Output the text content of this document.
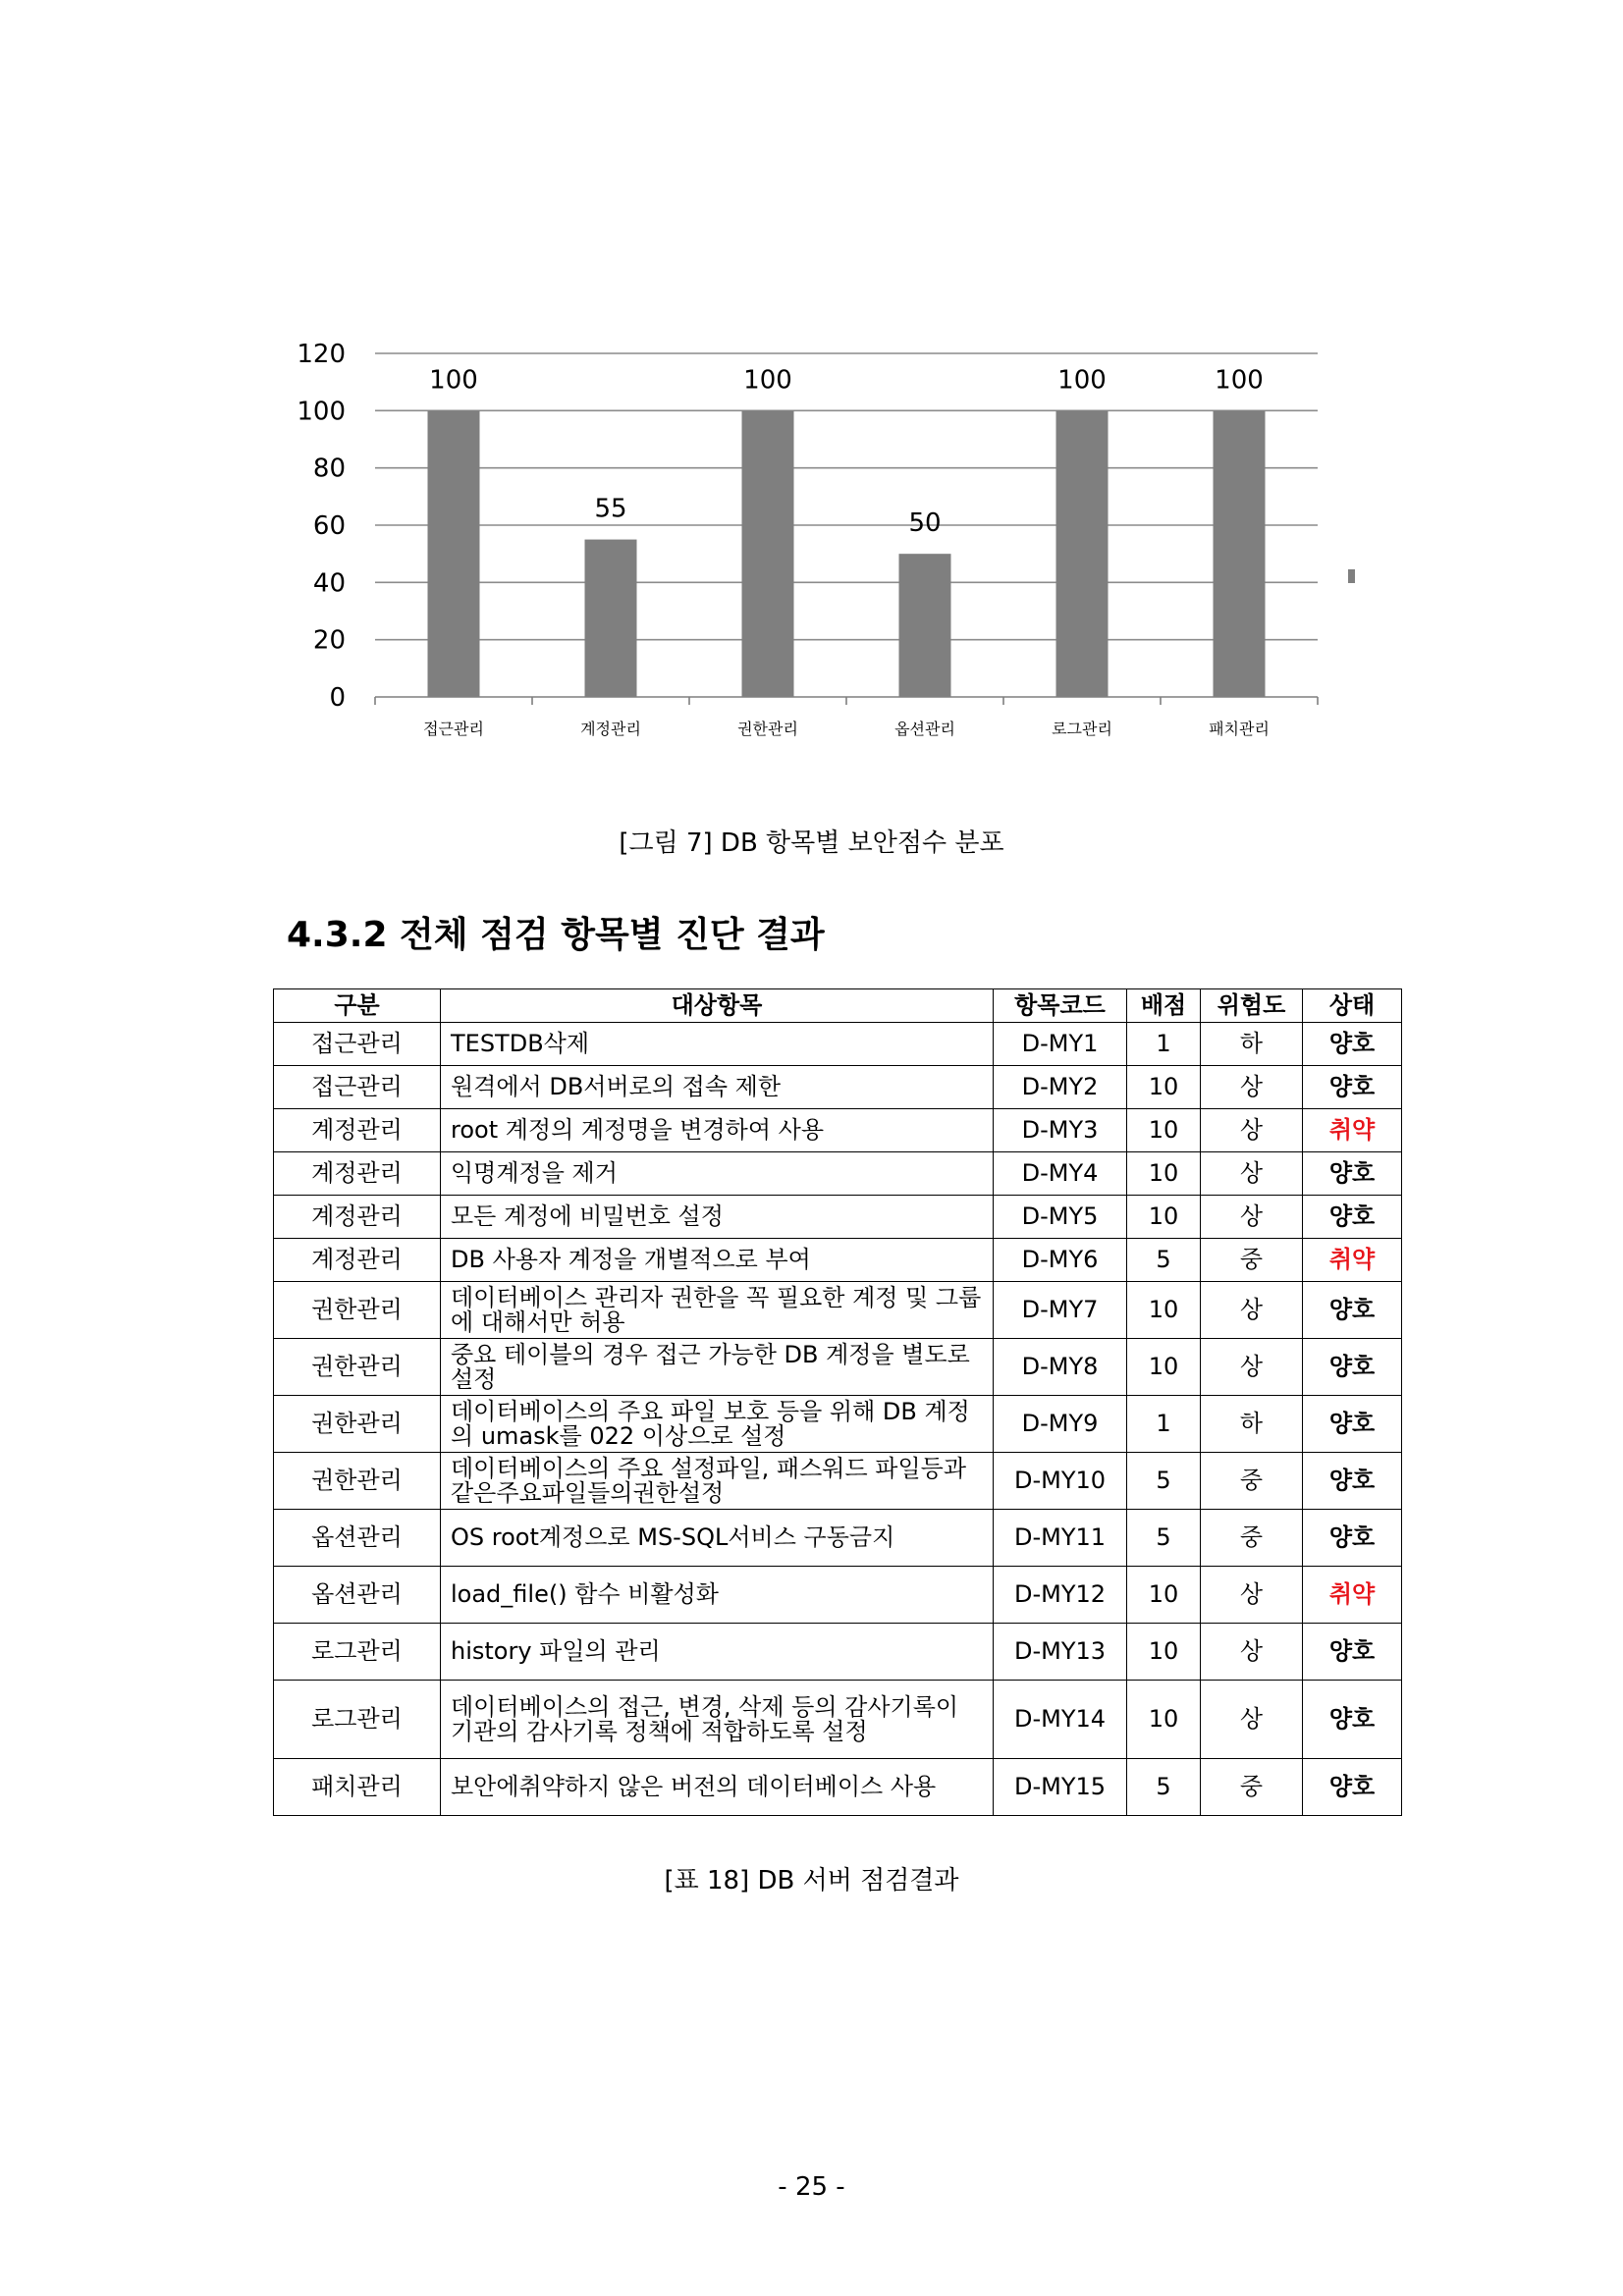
0
20
40
60
80
100
120
100
접근관리
55
계정관리
100
권한관리
50
옵션관리
100
로그관리
100
패치관리
[그림 7] DB 항목별 보안점수 분포
4.3.2 전체 점검 항목별 진단 결과
구분	대상항목	항목코드	배점	위험도	상태
접근관리	TESTDB삭제	D-MY1	1	하	양호
접근관리	원격에서 DB서버로의 접속 제한	D-MY2	10	상	양호
계정관리	root 계정의 계정명을 변경하여 사용	D-MY3	10	상	취약
계정관리	익명계정을 제거	D-MY4	10	상	양호
계정관리	모든 계정에 비밀번호 설정	D-MY5	10	상	양호
계정관리	DB 사용자 계정을 개별적으로 부여	D-MY6	5	중	취약
권한관리	데이터베이스 관리자 권한을 꼭 필요한 계정 및 그룹에 대해서만 허용	D-MY7	10	상	양호
권한관리	중요 테이블의 경우 접근 가능한 DB 계정을 별도로설정	D-MY8	10	상	양호
권한관리	데이터베이스의 주요 파일 보호 등을 위해 DB 계정의 umask를 022 이상으로 설정	D-MY9	1	하	양호
권한관리	데이터베이스의 주요 설정파일, 패스워드 파일등과같은주요파일들의권한설정	D-MY10	5	중	양호
옵션관리	OS root계정으로 MS-SQL서비스 구동금지	D-MY11	5	중	양호
옵션관리	load_file() 함수 비활성화	D-MY12	10	상	취약
로그관리	history 파일의 관리	D-MY13	10	상	양호
로그관리	데이터베이스의 접근, 변경, 삭제 등의 감사기록이 기관의 감사기록 정책에 적합하도록 설정	D-MY14	10	상	양호
패치관리	보안에취약하지 않은 버전의 데이터베이스 사용	D-MY15	5	중	양호
[표 18] DB 서버 점검결과
- 25 -
